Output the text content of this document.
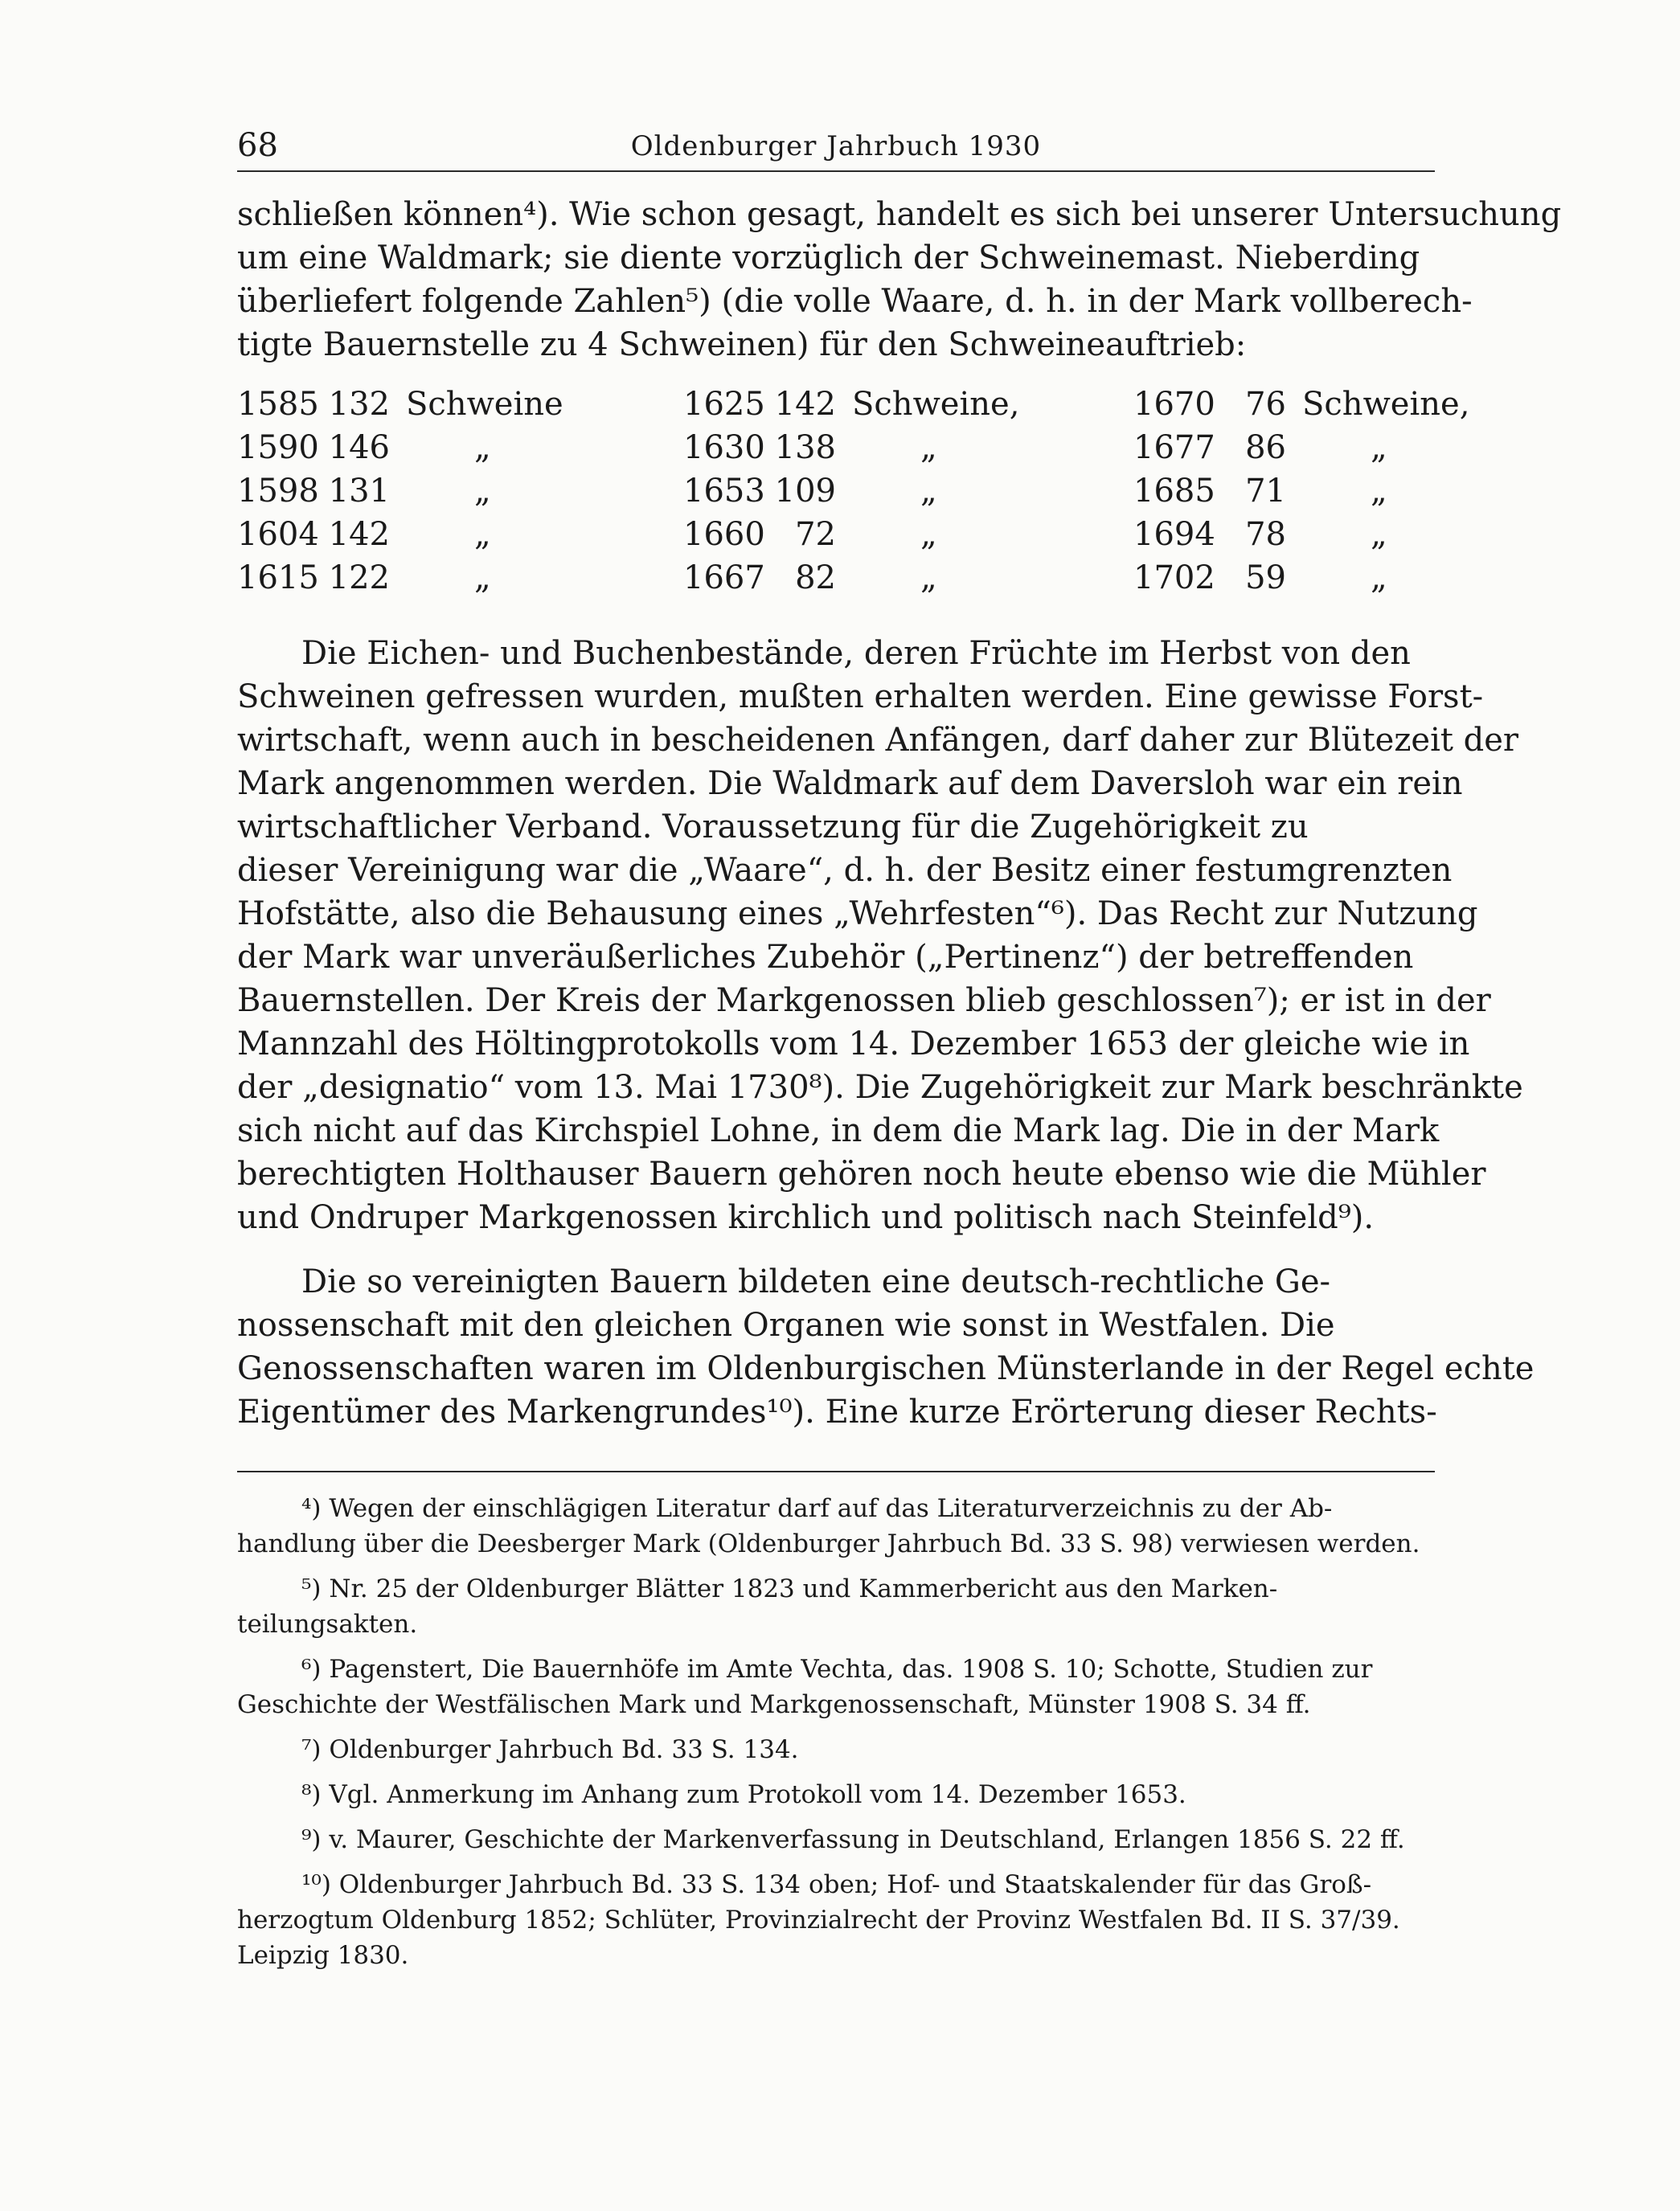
68	Oldenburger Jahrbuch 1930
schließen können⁴). Wie schon gesagt, handelt es sich bei unserer Untersuchung
um eine Waldmark; sie diente vorzüglich der Schweinemast. Nieberding
überliefert folgende Zahlen⁵) (die volle Waare, d. h. in der Mark vollberech-
tigte Bauernstelle zu 4 Schweinen) für den Schweineauftrieb:
1585 132 Schweine	1625 142 Schweine,	1670 76 Schweine,
1590 146	„	1630 138	„	1677 86	„
1598 131	„	1653 109	„	1685 71	„
1604 142	„	1660 72	„	1694 78	„
1615 122	„	1667 82	„	1702 59	„
Die Eichen- und Buchenbestände, deren Früchte im Herbst von den
Schweinen gefressen wurden, mußten erhalten werden. Eine gewisse Forst-
wirtschaft, wenn auch in bescheidenen Anfängen, darf daher zur Blütezeit der
Mark angenommen werden. Die Waldmark auf dem Daversloh war ein rein
wirtschaftlicher Verband. Voraussetzung für die Zugehörigkeit zu
dieser Vereinigung war die „Waare“, d. h. der Besitz einer festumgrenzten
Hofstätte, also die Behausung eines „Wehrfesten“⁶). Das Recht zur Nutzung
der Mark war unveräußerliches Zubehör („Pertinenz“) der betreffenden
Bauernstellen. Der Kreis der Markgenossen blieb geschlossen⁷); er ist in der
Mannzahl des Höltingprotokolls vom 14. Dezember 1653 der gleiche wie in
der „designatio“ vom 13. Mai 1730⁸). Die Zugehörigkeit zur Mark beschränkte
sich nicht auf das Kirchspiel Lohne, in dem die Mark lag. Die in der Mark
berechtigten Holthauser Bauern gehören noch heute ebenso wie die Mühler
und Ondruper Markgenossen kirchlich und politisch nach Steinfeld⁹).
Die so vereinigten Bauern bildeten eine deutsch-rechtliche Ge-
nossenschaft mit den gleichen Organen wie sonst in Westfalen. Die
Genossenschaften waren im Oldenburgischen Münsterlande in der Regel echte
Eigentümer des Markengrundes¹⁰). Eine kurze Erörterung dieser Rechts-
⁴) Wegen der einschlägigen Literatur darf auf das Literaturverzeichnis zu der Ab-
handlung über die Deesberger Mark (Oldenburger Jahrbuch Bd. 33 S. 98) verwiesen werden.
⁵) Nr. 25 der Oldenburger Blätter 1823 und Kammerbericht aus den Marken-
teilungsakten.
⁶) Pagenstert, Die Bauernhöfe im Amte Vechta, das. 1908 S. 10; Schotte, Studien zur
Geschichte der Westfälischen Mark und Markgenossenschaft, Münster 1908 S. 34 ff.
⁷) Oldenburger Jahrbuch Bd. 33 S. 134.
⁸) Vgl. Anmerkung im Anhang zum Protokoll vom 14. Dezember 1653.
⁹) v. Maurer, Geschichte der Markenverfassung in Deutschland, Erlangen 1856 S. 22 ff.
¹⁰) Oldenburger Jahrbuch Bd. 33 S. 134 oben; Hof- und Staatskalender für das Groß-
herzogtum Oldenburg 1852; Schlüter, Provinzialrecht der Provinz Westfalen Bd. II S. 37/39.
Leipzig 1830.
